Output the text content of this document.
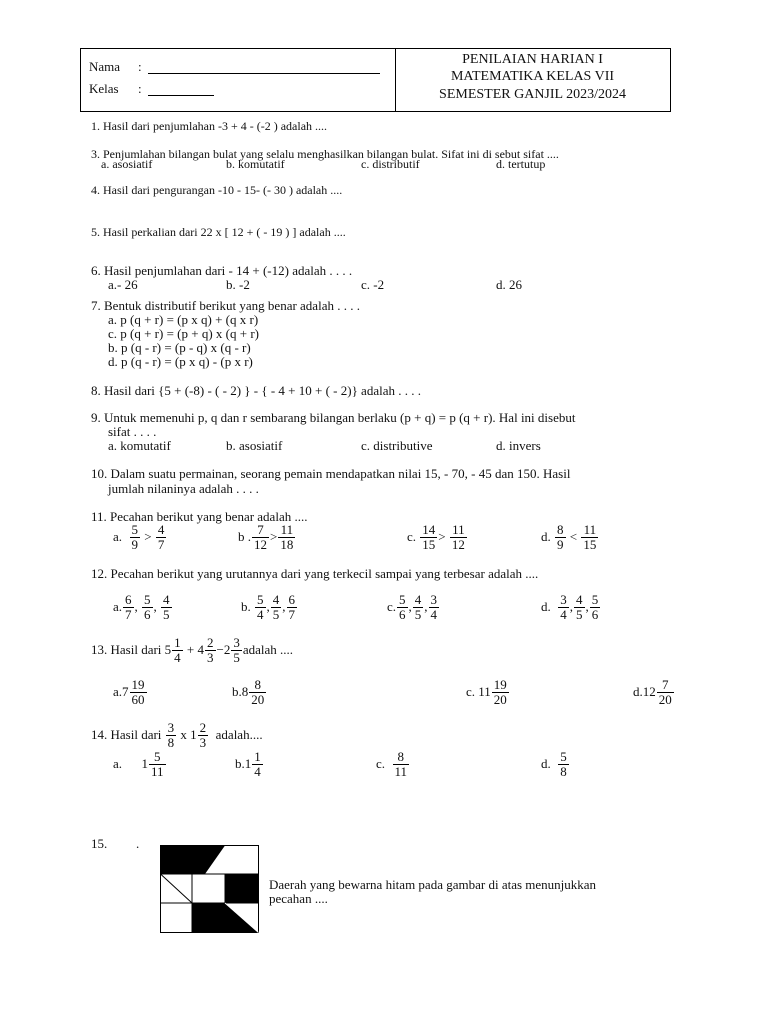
Nama :
Kelas :
PENILAIAN HARIAN I
MATEMATIKA KELAS VII
SEMESTER GANJIL 2023/2024
1. Hasil dari penjumlahan -3 + 4 - (-2 ) adalah ....
3. Penjumlahan bilangan bulat yang selalu menghasilkan bilangan bulat. Sifat ini di sebut sifat ....
a. asosiatif	b. komutatif	c. distributif	d. tertutup
4. Hasil dari pengurangan -10 - 15- (- 30 ) adalah ....
5. Hasil perkalian dari 22 x [ 12 + ( - 19 ) ] adalah ....
6. Hasil penjumlahan dari - 14 + (-12) adalah . . . .
a.- 26	b. -2	c. -2	d. 26
7. Bentuk distributif berikut yang benar adalah . . . .
a. p (q + r) = (p x q) + (q x r)
c. p (q + r) = (p + q) x (q + r)
b. p (q - r) = (p - q) x (q - r)
d. p (q - r) = (p x q) - (p x r)
8. Hasil dari {5 + (-8) - ( - 2) } - { - 4 + 10 + ( - 2)} adalah . . . .
9. Untuk memenuhi p, q dan r sembarang bilangan berlaku (p + q) = p (q + r). Hal ini disebut
sifat . . . .
a. komutatif	b. asosiatif	c. distributive	d. invers
10. Dalam suatu permainan, seorang pemain mendapatkan nilai 15, - 70, - 45 dan 150. Hasil
jumlah nilaninya adalah . . . .
11. Pecahan berikut yang benar adalah ....
a.
$\frac{5}{9}$
>
$\frac{4}{7}$	b . $\frac{7}{12} > \frac{11}{18}$	c.
$\frac{14}{15}$ >
$\frac{11}{12}$	d.
$\frac{8}{9}$
<
$\frac{11}{15}$
12. Pecahan berikut yang urutannya dari yang terkecil sampai yang terbesar adalah ....
a. $\frac{6}{7}$ ,
$\frac{5}{6}$ ,
$\frac{4}{5}$	b.
$\frac{5}{4}$ , $\frac{4}{5}$ , $\frac{6}{7}$	c. $\frac{5}{6}$ , $\frac{4}{5}$ , $\frac{3}{4}$	d.
$\frac{3}{4}$ , $\frac{4}{5}$ , $\frac{5}{6}$
13. Hasil dari $5 \frac{1}{4}$
+ $4 \frac{2}{3} -2 \frac{3}{5}$ adalah ....
$a.7 \frac{19}{60}$	$b.8 \frac{8}{20}$	c. $11 \frac{19}{20}$	$d.12 \frac{7}{20}$
14. Hasil dari
$\frac{3}{8}$
x $1 \frac{2}{3}$
adalah....
a.
$1 \frac{5}{11}$	$b.1 \frac{1}{4}$	c.
$\frac{8}{11}$	d.
$\frac{5}{8}$
15. .
Daerah yang bewarna hitam pada gambar di atas menunjukkan
pecahan ....
